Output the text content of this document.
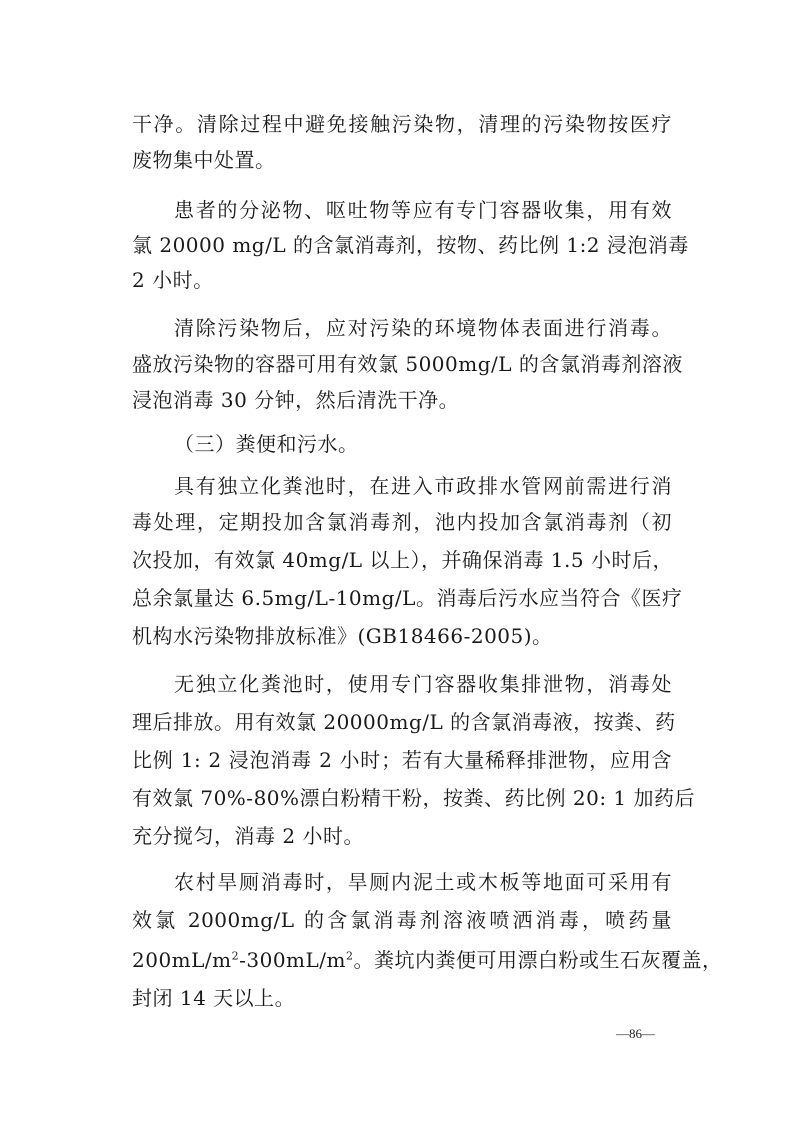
干净。清除过程中避免接触污染物，清理的污染物按医疗
废物集中处置。
患者的分泌物、呕吐物等应有专门容器收集，用有效
氯 20000 mg/L 的含氯消毒剂，按物、药比例 1:2 浸泡消毒
2 小时。
清除污染物后，应对污染的环境物体表面进行消毒。
盛放污染物的容器可用有效氯 5000mg/L 的含氯消毒剂溶液
浸泡消毒 30 分钟，然后清洗干净。
（三）粪便和污水。
具有独立化粪池时，在进入市政排水管网前需进行消
毒处理，定期投加含氯消毒剂，池内投加含氯消毒剂（初
次投加，有效氯 40mg/L 以上），并确保消毒 1.5 小时后，
总余氯量达 6.5mg/L-10mg/L。消毒后污水应当符合《医疗
机构水污染物排放标准》(GB18466-2005)。
无独立化粪池时，使用专门容器收集排泄物，消毒处
理后排放。用有效氯 20000mg/L 的含氯消毒液，按粪、药
比例 1: 2 浸泡消毒 2 小时；若有大量稀释排泄物，应用含
有效氯 70%-80%漂白粉精干粉，按粪、药比例 20: 1 加药后
充分搅匀，消毒 2 小时。
农村旱厕消毒时，旱厕内泥土或木板等地面可采用有
效氯 2000mg/L 的含氯消毒剂溶液喷洒消毒，喷药量
$200mL/m^2-300mL/m^2$。粪坑内粪便可用漂白粉或生石灰覆盖，
封闭 14 天以上。
—86—
